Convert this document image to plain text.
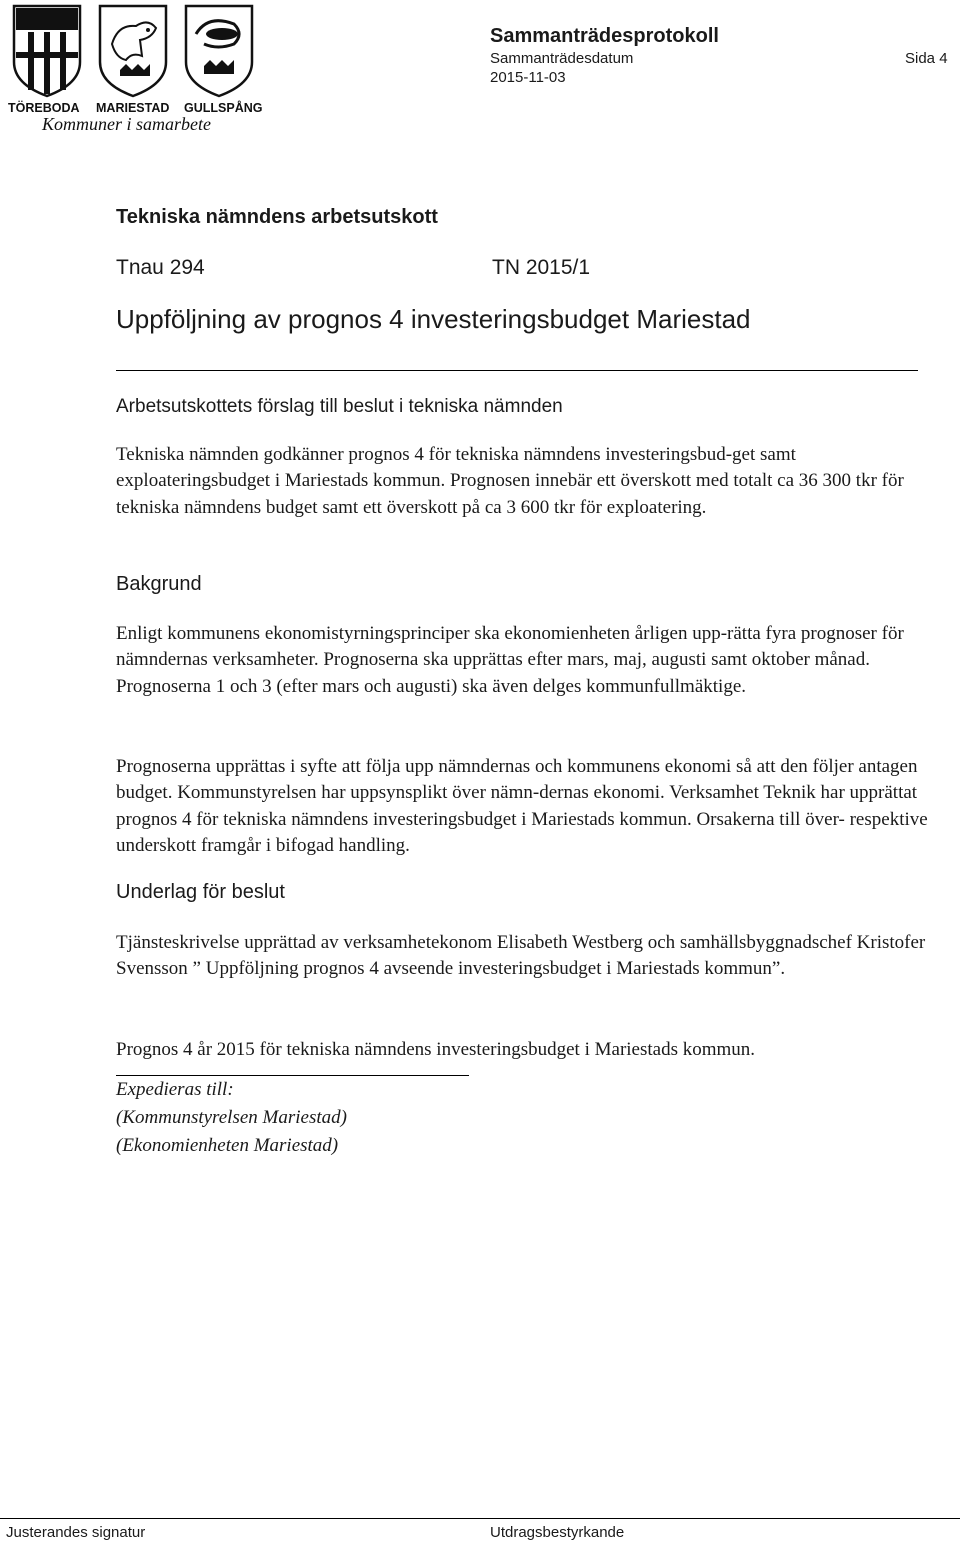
TÖREBODA MARIESTAD GULLSPÅNG
Kommuner i samarbete
Sammanträdesprotokoll
Sammanträdesdatum
2015-11-03
Sida 4
Tekniska nämndens arbetsutskott
Tnau 294	TN 2015/1
Uppföljning av prognos 4 investeringsbudget Mariestad
Arbetsutskottets förslag till beslut i tekniska nämnden

Tekniska nämnden godkänner prognos 4 för tekniska nämndens investeringsbud-get samt exploateringsbudget i Mariestads kommun. Prognosen innebär ett överskott med totalt ca 36 300 tkr för tekniska nämndens budget samt ett överskott på ca 3 600 tkr för exploatering.

Bakgrund

Enligt kommunens ekonomistyrningsprinciper ska ekonomienheten årligen upp-rätta fyra prognoser för nämndernas verksamheter. Prognoserna ska upprättas efter mars, maj, augusti samt oktober månad. Prognoserna 1 och 3 (efter mars och augusti) ska även delges kommunfullmäktige.

Prognoserna upprättas i syfte att följa upp nämndernas och kommunens ekonomi så att den följer antagen budget. Kommunstyrelsen har uppsynsplikt över nämn-dernas ekonomi. Verksamhet Teknik har upprättat prognos 4 för tekniska nämndens investeringsbudget i Mariestads kommun. Orsakerna till över- respektive underskott framgår i bifogad handling.

Underlag för beslut

Tjänsteskrivelse upprättad av verksamhetekonom Elisabeth Westberg och samhällsbyggnadschef Kristofer Svensson ” Uppföljning prognos 4 avseende investeringsbudget i Mariestads kommun”.

Prognos 4 år 2015 för tekniska nämndens investeringsbudget i Mariestads kommun.

Expedieras till:
(Kommunstyrelsen Mariestad)
(Ekonomienheten Mariestad)
Justerandes signatur	Utdragsbestyrkande
